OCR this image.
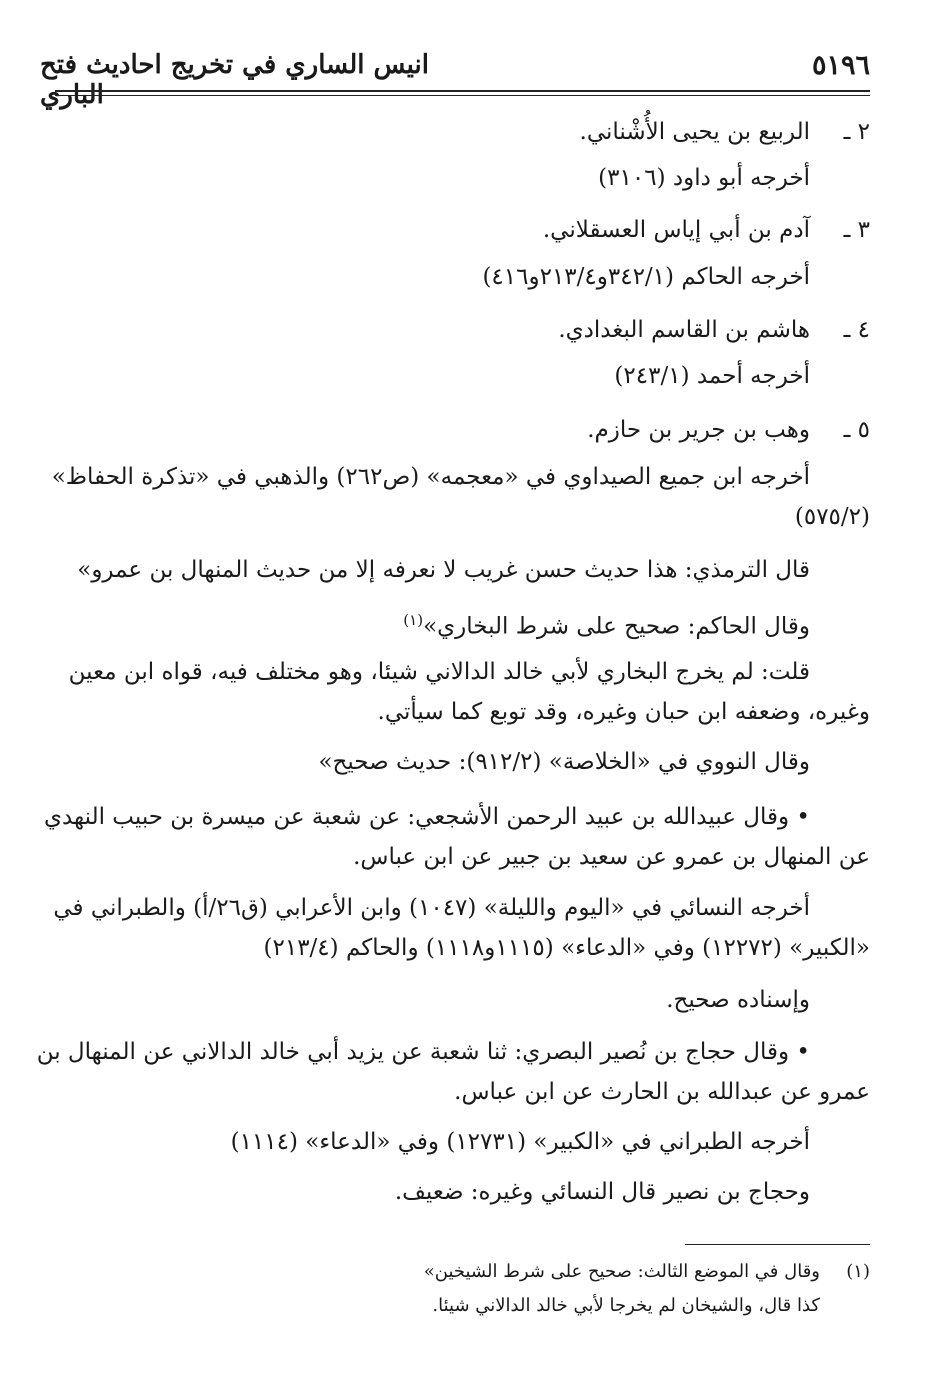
٥١٩٦
انيس الساري في تخريج احاديث فتح الباري
٢ ـ
الربيع بن يحيى الأُشْناني.
أخرجه أبو داود (٣١٠٦)
٣ ـ
آدم بن أبي إياس العسقلاني.
أخرجه الحاكم (٣٤٢/١و٢١٣/٤و٤١٦)
٤ ـ
هاشم بن القاسم البغدادي.
أخرجه أحمد (٢٤٣/١)
٥ ـ
وهب بن جرير بن حازم.
أخرجه ابن جميع الصيداوي في «معجمه» (ص٢٦٢) والذهبي في «تذكرة الحفاظ»
(٥٧٥/٢)
قال الترمذي: هذا حديث حسن غريب لا نعرفه إلا من حديث المنهال بن عمرو»
وقال الحاكم: صحيح على شرط البخاري»$^{(١)}$
قلت: لم يخرج البخاري لأبي خالد الدالاني شيئا، وهو مختلف فيه، قواه ابن معين
وغيره، وضعفه ابن حبان وغيره، وقد توبع كما سيأتي.
وقال النووي في «الخلاصة» (٩١٢/٢): حديث صحيح»
• وقال عبيدالله بن عبيد الرحمن الأشجعي: عن شعبة عن ميسرة بن حبيب النهدي
عن المنهال بن عمرو عن سعيد بن جبير عن ابن عباس.
أخرجه النسائي في «اليوم والليلة» (١٠٤٧) وابن الأعرابي (ق٢٦/أ) والطبراني في
«الكبير» (١٢٢٧٢) وفي «الدعاء» (١١١٥و١١١٨) والحاكم (٢١٣/٤)
وإسناده صحيح.
• وقال حجاج بن نُصير البصري: ثنا شعبة عن يزيد أبي خالد الدالاني عن المنهال بن
عمرو عن عبدالله بن الحارث عن ابن عباس.
أخرجه الطبراني في «الكبير» (١٢٧٣١) وفي «الدعاء» (١١١٤)
وحجاج بن نصير قال النسائي وغيره: ضعيف.
(١)
وقال في الموضع الثالث: صحيح على شرط الشيخين»
كذا قال، والشيخان لم يخرجا لأبي خالد الدالاني شيئا.
